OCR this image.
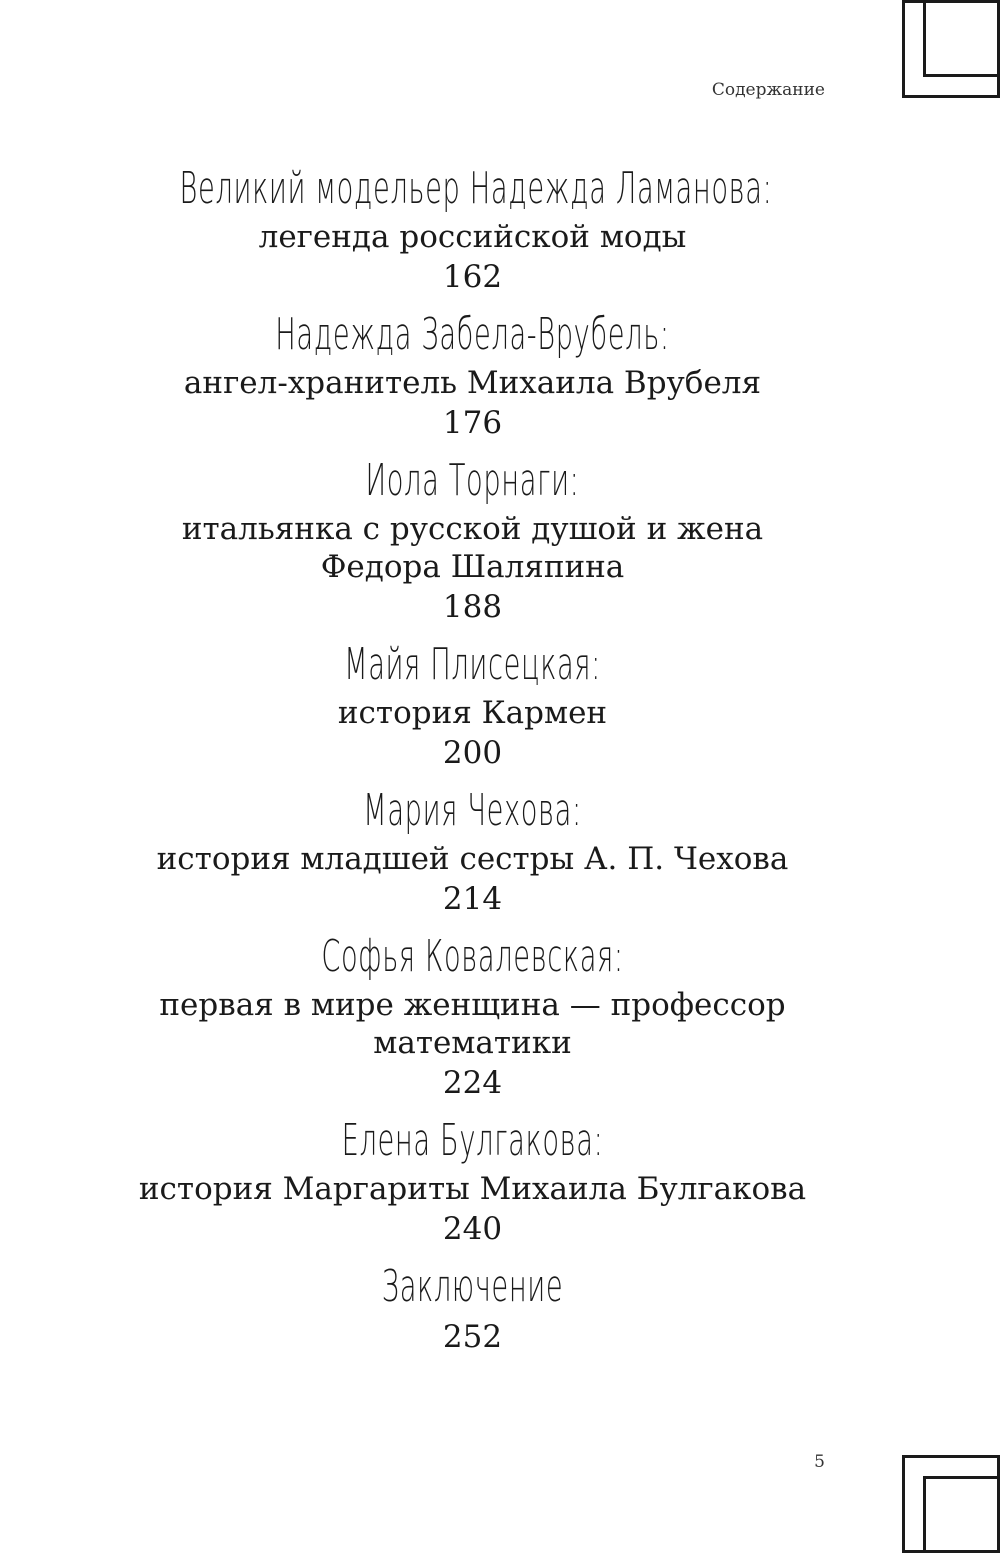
Содержание
Великий модельер Надежда Ламанова:
легенда российской моды
162
Надежда Забела-Врубель:
ангел-хранитель Михаила Врубеля
176
Иола Торнаги:
итальянка с русской душой и жена
Федора Шаляпина
188
Майя Плисецкая:
история Кармен
200
Мария Чехова:
история младшей сестры А. П. Чехова
214
Софья Ковалевская:
первая в мире женщина — профессор
математики
224
Елена Булгакова:
история Маргариты Михаила Булгакова
240
Заключение
252
5
